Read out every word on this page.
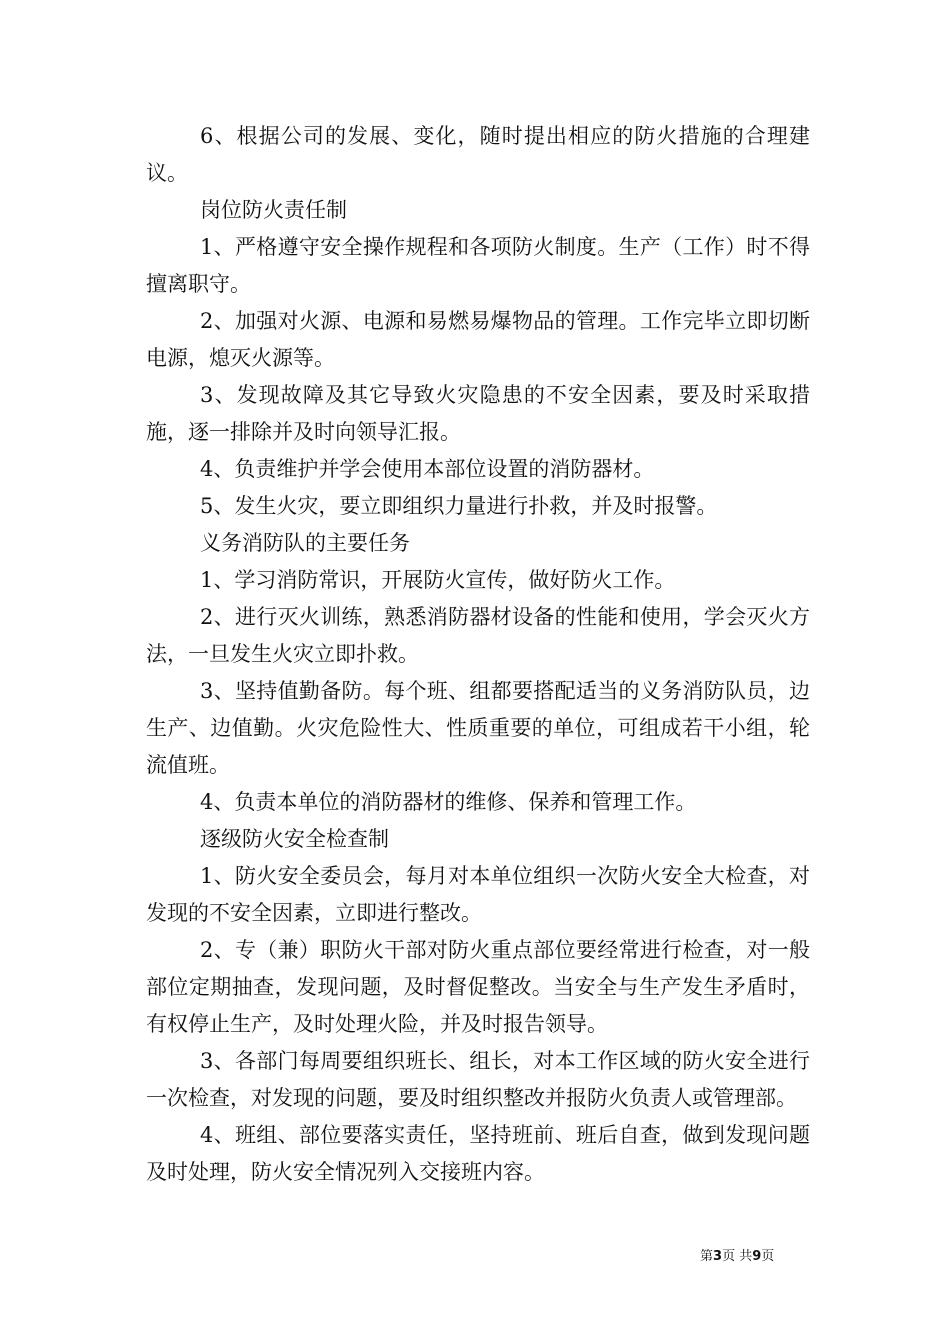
6、根据公司的发展、变化，随时提出相应的防火措施的合理建议。

岗位防火责任制

1、严格遵守安全操作规程和各项防火制度。生产（工作）时不得擅离职守。

2、加强对火源、电源和易燃易爆物品的管理。工作完毕立即切断电源，熄灭火源等。

3、发现故障及其它导致火灾隐患的不安全因素，要及时采取措施，逐一排除并及时向领导汇报。

4、负责维护并学会使用本部位设置的消防器材。

5、发生火灾，要立即组织力量进行扑救，并及时报警。

义务消防队的主要任务

1、学习消防常识，开展防火宣传，做好防火工作。

2、进行灭火训练，熟悉消防器材设备的性能和使用，学会灭火方法，一旦发生火灾立即扑救。

3、坚持值勤备防。每个班、组都要搭配适当的义务消防队员，边生产、边值勤。火灾危险性大、性质重要的单位，可组成若干小组，轮流值班。

4、负责本单位的消防器材的维修、保养和管理工作。

逐级防火安全检查制

1、防火安全委员会，每月对本单位组织一次防火安全大检查，对发现的不安全因素，立即进行整改。

2、专（兼）职防火干部对防火重点部位要经常进行检查，对一般部位定期抽查，发现问题，及时督促整改。当安全与生产发生矛盾时，有权停止生产，及时处理火险，并及时报告领导。

3、各部门每周要组织班长、组长，对本工作区域的防火安全进行一次检查，对发现的问题，要及时组织整改并报防火负责人或管理部。

4、班组、部位要落实责任，坚持班前、班后自查，做到发现问题及时处理，防火安全情况列入交接班内容。

第3页 共9页
